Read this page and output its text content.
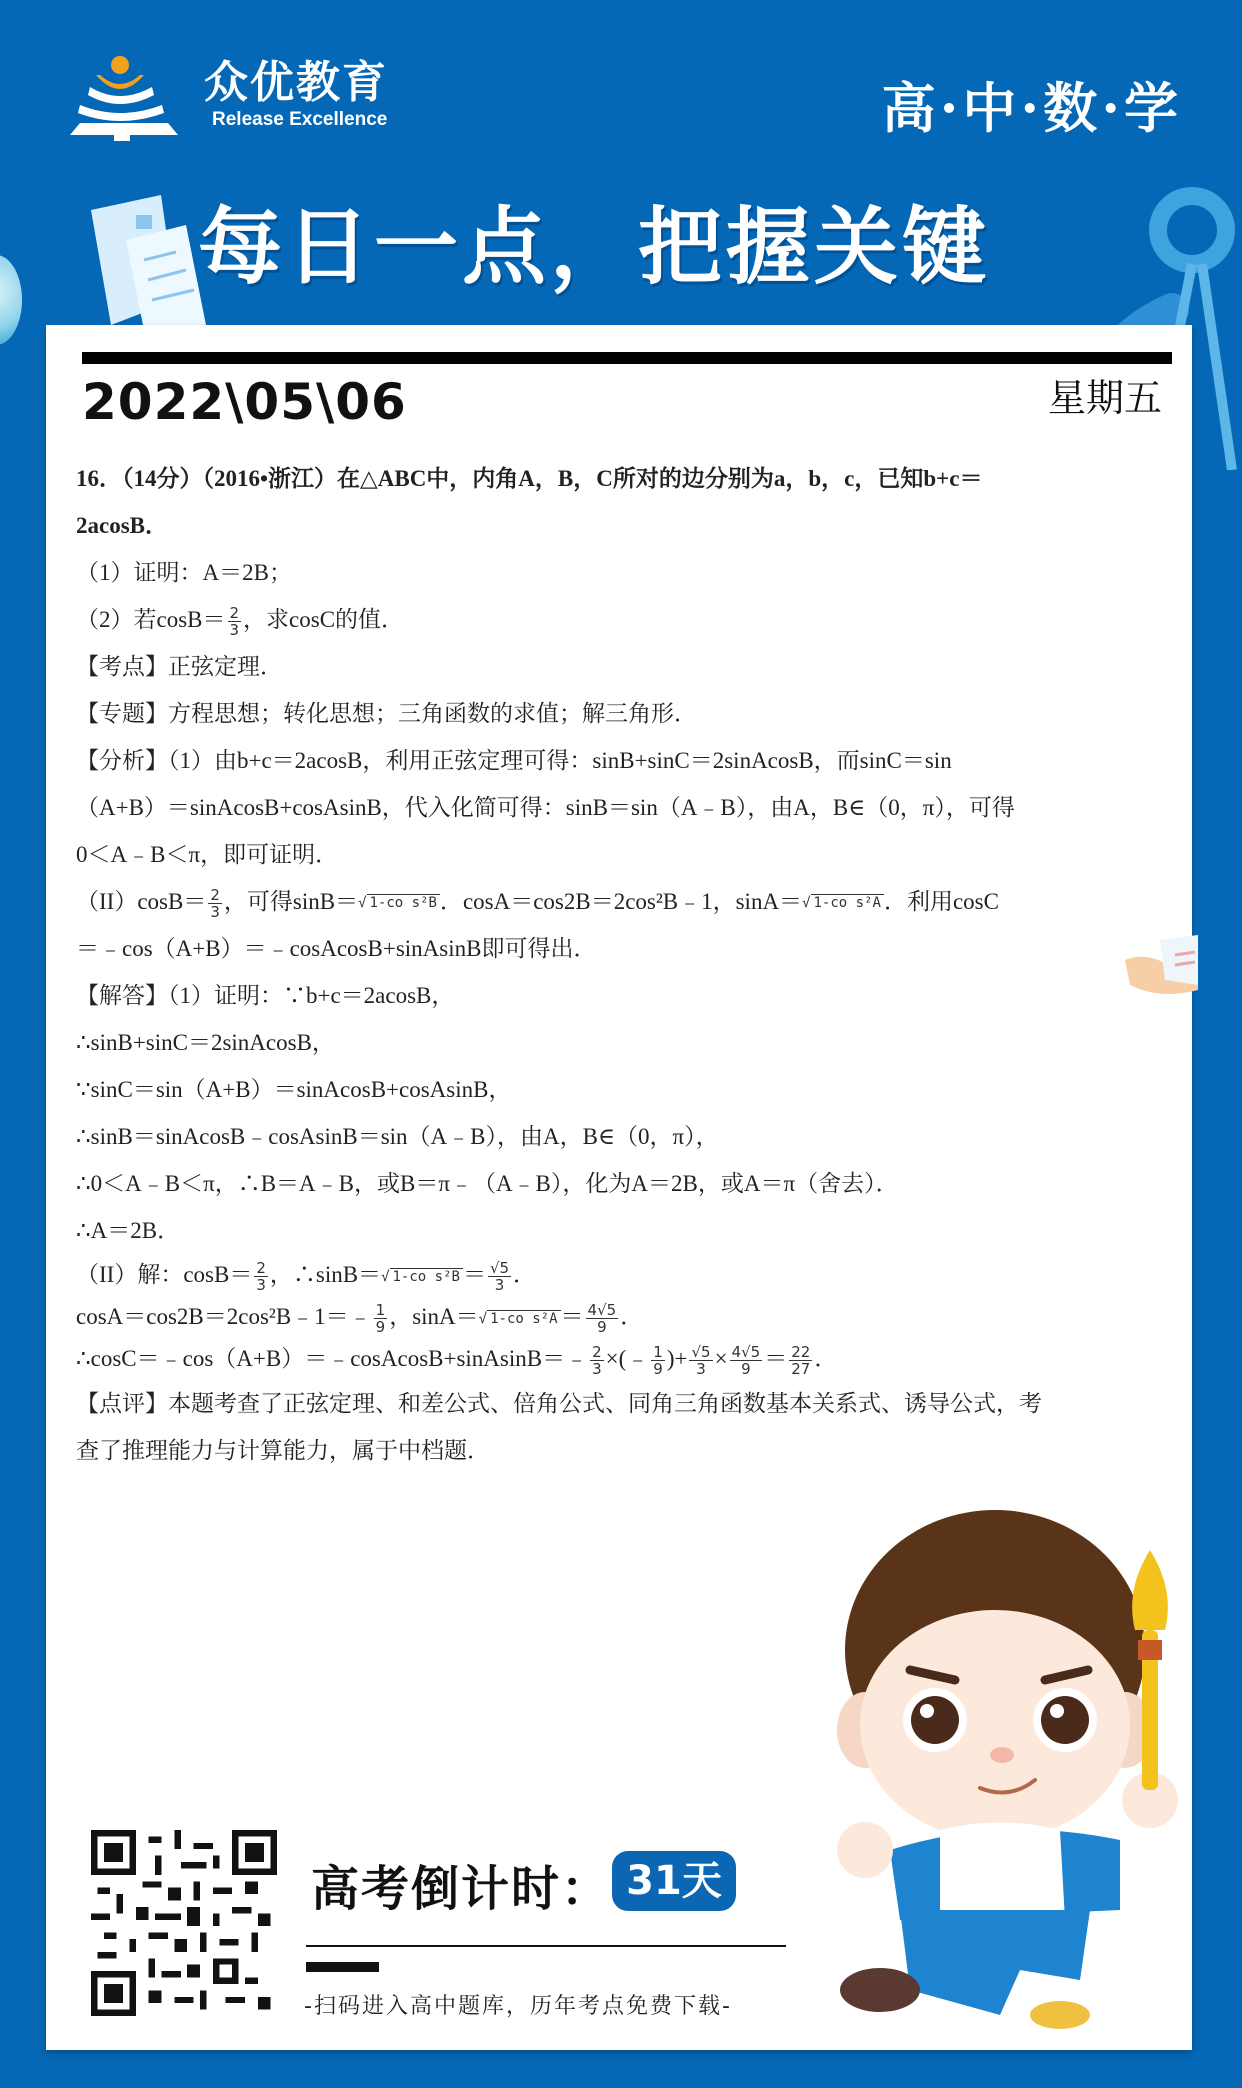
众优教育
Release Excellence	高·中·数·学
每日一点，把握关键
2022\05\06	星期五
16．（14分）（2016•浙江）在△ABC中，内角A，B，C所对的边分别为a，b，c，已知b+c＝
2acosB．
（1）证明：A＝2B；
（2）若$\cos B= \frac{2}{3}$ ，求cosC的值．
【考点】正弦定理．
【专题】方程思想；转化思想；三角函数的求值；解三角形．
【分析】（1）由b+c＝2acosB，利用正弦定理可得：sinB+sinC＝2sinAcosB，而sinC＝sin
（A+B）＝sinAcosB+cosAsinB，代入化简可得：sinB＝sin（A﹣B），由A，B∈（0，π），可得
0＜A﹣B＜π，即可证明．
$(II)\cos B= \frac{2}{3}$ ，可得sinB＝√ 1-co s²B ．cosA＝cos2B＝2cos²B﹣1，sinA＝√ 1-co s²A ．利用cosC
＝﹣cos（A+B）＝﹣cosAcosB+sinAsinB即可得出．
【解答】（1）证明：∵b+c＝2acosB，
∴sinB+sinC＝2sinAcosB，
∵sinC＝sin（A+B）＝sinAcosB+cosAsinB，
∴sinB＝sinAcosB﹣cosAsinB＝sin（A﹣B），由A，B∈（0，π），
∴0＜A﹣B＜π，∴B＝A﹣B，或B＝π﹣（A﹣B），化为A＝2B，或A＝π（舍去）．
∴A＝2B．
（II）解：$\cos B= \frac{2}{3}$ ，∴sinB＝√ 1-co $s^2B = \frac{√5}{3}$ ．
cosA＝cos2B＝2cos²B﹣1＝﹣ $\frac{1}{9}$ ，sinA＝√ 1-co $s^2A = \frac{4√5}{9}$ ．
∴cosC＝﹣cos（A+B）＝﹣cosAcosB+sinAsinB＝﹣ $\frac{2}{3}$ ×(﹣ $\frac{1}{9}$ )+ $\frac{√5}{3} \times \frac{4√5}{9} = \frac{22}{27}$ ．
【点评】本题考查了正弦定理、和差公式、倍角公式、同角三角函数基本关系式、诱导公式，考
查了推理能力与计算能力，属于中档题．
高考倒计时： 31天
-扫码进入高中题库，历年考点免费下载-
